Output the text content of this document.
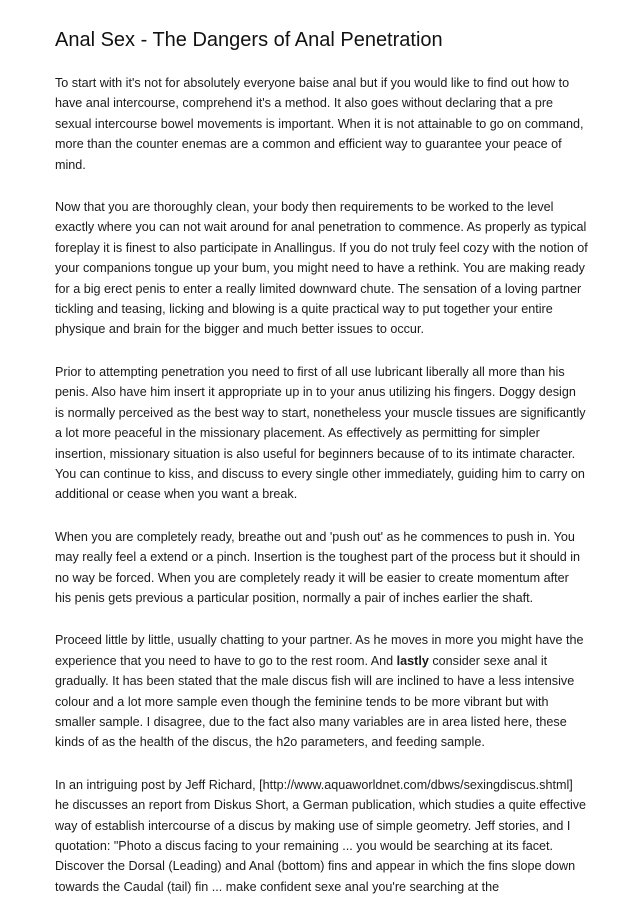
Anal Sex - The Dangers of Anal Penetration

To start with it's not for absolutely everyone baise anal but if you would like to find out how to have anal intercourse, comprehend it's a method. It also goes without declaring that a pre sexual intercourse bowel movements is important. When it is not attainable to go on command, more than the counter enemas are a common and efficient way to guarantee your peace of mind.

Now that you are thoroughly clean, your body then requirements to be worked to the level exactly where you can not wait around for anal penetration to commence. As properly as typical foreplay it is finest to also participate in Anallingus. If you do not truly feel cozy with the notion of your companions tongue up your bum, you might need to have a rethink. You are making ready for a big erect penis to enter a really limited downward chute. The sensation of a loving partner tickling and teasing, licking and blowing is a quite practical way to put together your entire physique and brain for the bigger and much better issues to occur.

Prior to attempting penetration you need to first of all use lubricant liberally all more than his penis. Also have him insert it appropriate up in to your anus utilizing his fingers. Doggy design is normally perceived as the best way to start, nonetheless your muscle tissues are significantly a lot more peaceful in the missionary placement. As effectively as permitting for simpler insertion, missionary situation is also useful for beginners because of to its intimate character. You can continue to kiss, and discuss to every single other immediately, guiding him to carry on additional or cease when you want a break.

When you are completely ready, breathe out and 'push out' as he commences to push in. You may really feel a extend or a pinch. Insertion is the toughest part of the process but it should in no way be forced. When you are completely ready it will be easier to create momentum after his penis gets previous a particular position, normally a pair of inches earlier the shaft.

Proceed little by little, usually chatting to your partner. As he moves in more you might have the experience that you need to have to go to the rest room. And lastly consider sexe anal it gradually. It has been stated that the male discus fish will are inclined to have a less intensive colour and a lot more sample even though the feminine tends to be more vibrant but with smaller sample. I disagree, due to the fact also many variables are in area listed here, these kinds of as the health of the discus, the h2o parameters, and feeding sample.

In an intriguing post by Jeff Richard, [http://www.aquaworldnet.com/dbws/sexingdiscus.shtml] he discusses an report from Diskus Short, a German publication, which studies a quite effective way of establish intercourse of a discus by making use of simple geometry. Jeff stories, and I quotation: "Photo a discus facing to your remaining ... you would be searching at its facet. Discover the Dorsal (Leading) and Anal (bottom) fins and appear in which the fins slope down towards the Caudal (tail) fin ... make confident sexe anal you're searching at the
